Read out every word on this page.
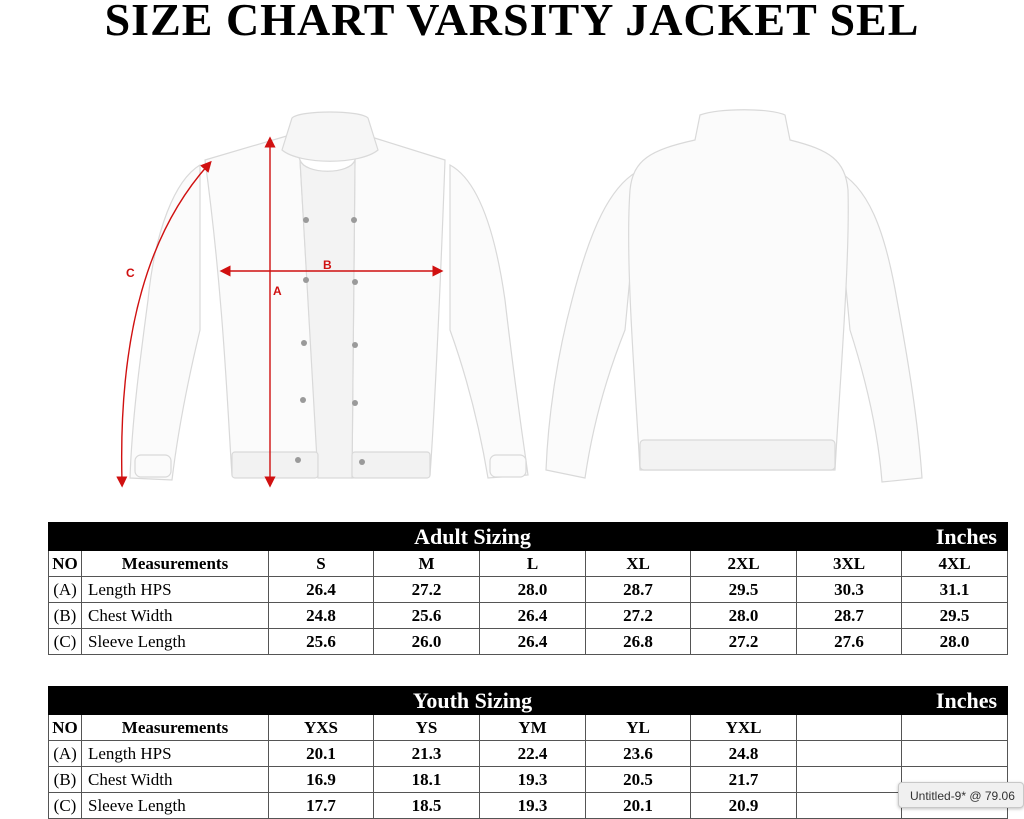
SIZE CHART VARSITY JACKET SEL
A
B
C
Adult Sizing								Inches
NO	Measurements	S	M	L	XL	2XL	3XL	4XL
(A)	Length HPS	26.4	27.2	28.0	28.7	29.5	30.3	31.1
(B)	Chest Width	24.8	25.6	26.4	27.2	28.0	28.7	29.5
(C)	Sleeve Length	25.6	26.0	26.4	26.8	27.2	27.6	28.0
Youth Sizing								Inches
NO	Measurements	YXS	YS	YM	YL	YXL		
(A)	Length HPS	20.1	21.3	22.4	23.6	24.8		
(B)	Chest Width	16.9	18.1	19.3	20.5	21.7		
(C)	Sleeve Length	17.7	18.5	19.3	20.1	20.9			Untitled-9* @ 79.06
